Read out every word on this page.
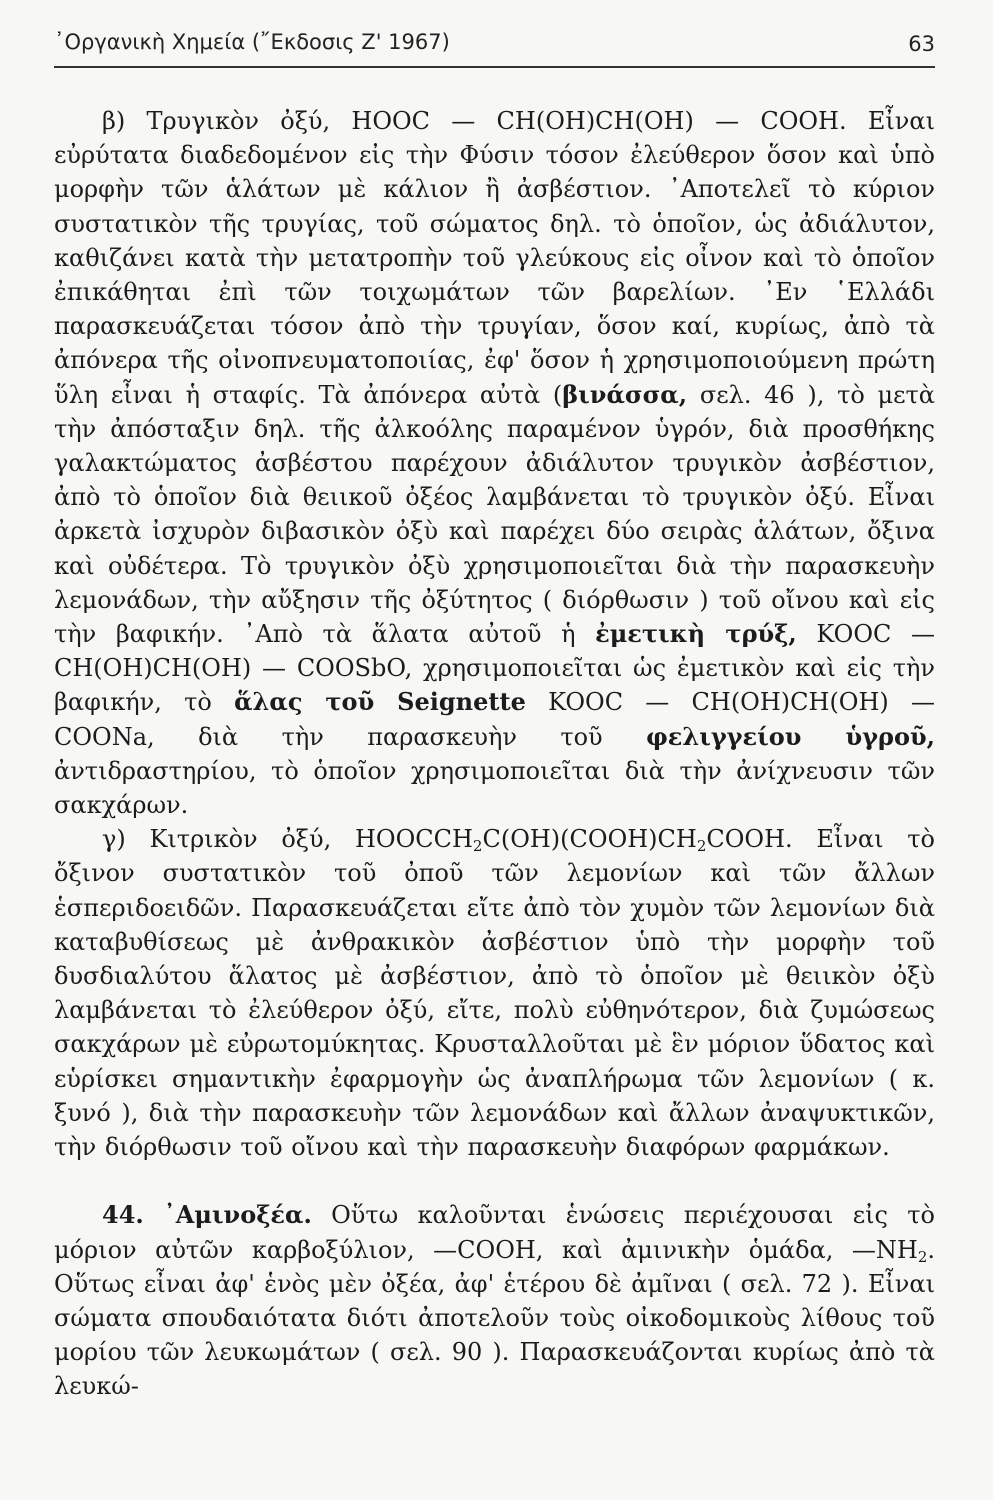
᾿Οργανικὴ Χημεία (῎Εκδοσις Ζ' 1967)	63

β) Τρυγικὸν ὀξύ, HOOC — CH(OH)CH(OH) — COOH. Εἶναι εὐρύτατα διαδεδομένον εἰς τὴν Φύσιν τόσον ἐλεύθερον ὅσον καὶ ὑπὸ μορφὴν τῶν ἁλάτων μὲ κάλιον ἢ ἀσβέστιον. ᾿Αποτελεῖ τὸ κύριον συστατικὸν τῆς τρυγίας, τοῦ σώματος δηλ. τὸ ὁποῖον, ὡς ἀδιάλυτον, καθιζάνει κατὰ τὴν μετατροπὴν τοῦ γλεύκους εἰς οἶνον καὶ τὸ ὁποῖον ἐπικάθηται ἐπὶ τῶν τοιχωμάτων τῶν βαρελίων. ᾿Εν ῾Ελλάδι παρασκευάζεται τόσον ἀπὸ τὴν τρυγίαν, ὅσον καί, κυρίως, ἀπὸ τὰ ἀπόνερα τῆς οἰνοπνευματοποιίας, ἐφ' ὅσον ἡ χρησιμοποιούμενη πρώτη ὕλη εἶναι ἡ σταφίς. Τὰ ἀπόνερα αὐτὰ (βινάσσα, σελ. 46 ), τὸ μετὰ τὴν ἀπόσταξιν δηλ. τῆς ἀλκοόλης παραμένον ὑγρόν, διὰ προσθήκης γαλακτώματος ἀσβέστου παρέχουν ἀδιάλυτον τρυγικὸν ἀσβέστιον, ἀπὸ τὸ ὁποῖον διὰ θειικοῦ ὀξέος λαμβάνεται τὸ τρυγικὸν ὀξύ. Εἶναι ἀρκετὰ ἰσχυρὸν διβασικὸν ὀξὺ καὶ παρέχει δύο σειρὰς ἁλάτων, ὄξινα καὶ οὐδέτερα. Τὸ τρυγικὸν ὀξὺ χρησιμοποιεῖται διὰ τὴν παρασκευὴν λεμονάδων, τὴν αὔξησιν τῆς ὀξύτητος ( διόρθωσιν ) τοῦ οἴνου καὶ εἰς τὴν βαφικήν. ᾿Απὸ τὰ ἅλατα αὐτοῦ ἡ ἐμετικὴ τρύξ, KOOC — CH(OH)CH(OH) — COOSbO, χρησιμοποιεῖται ὡς ἐμετικὸν καὶ εἰς τὴν βαφικήν, τὸ ἅλας τοῦ Seignette KOOC — CH(OH)CH(OH) — COONa, διὰ τὴν παρασκευὴν τοῦ φελιγγείου ὑγροῦ, ἀντιδραστηρίου, τὸ ὁποῖον χρησιμοποιεῖται διὰ τὴν ἀνίχνευσιν τῶν σακχάρων.

γ) Κιτρικὸν ὀξύ, $HOOCCH_2C(OH)(COOH)CH_2COOH$. Εἶναι τὸ ὄξινον συστατικὸν τοῦ ὀποῦ τῶν λεμονίων καὶ τῶν ἄλλων ἑσπεριδοειδῶν. Παρασκευάζεται εἴτε ἀπὸ τὸν χυμὸν τῶν λεμονίων διὰ καταβυθίσεως μὲ ἀνθρακικὸν ἀσβέστιον ὑπὸ τὴν μορφὴν τοῦ δυσδιαλύτου ἅλατος μὲ ἀσβέστιον, ἀπὸ τὸ ὁποῖον μὲ θειικὸν ὀξὺ λαμβάνεται τὸ ἐλεύθερον ὀξύ, εἴτε, πολὺ εὐθηνότερον, διὰ ζυμώσεως σακχάρων μὲ εὐρωτομύκητας. Κρυσταλλοῦται μὲ ἓν μόριον ὕδατος καὶ εὑρίσκει σημαντικὴν ἐφαρμογὴν ὡς ἀναπλήρωμα τῶν λεμονίων ( κ. ξυνό ), διὰ τὴν παρασκευὴν τῶν λεμονάδων καὶ ἄλλων ἀναψυκτικῶν, τὴν διόρθωσιν τοῦ οἴνου καὶ τὴν παρασκευὴν διαφόρων φαρμάκων.

44. ᾿Αμινοξέα. Οὕτω καλοῦνται ἑνώσεις περιέχουσαι εἰς τὸ μόριον αὐτῶν καρβοξύλιον, —COOH, καὶ ἀμινικὴν ὁμάδα, $—NH_2$. Οὕτως εἶναι ἀφ' ἑνὸς μὲν ὀξέα, ἀφ' ἑτέρου δὲ ἀμῖναι ( σελ. 72 ). Εἶναι σώματα σπουδαιότατα διότι ἀποτελοῦν τοὺς οἰκοδομικοὺς λίθους τοῦ μορίου τῶν λευκωμάτων ( σελ. 90 ). Παρασκευάζονται κυρίως ἀπὸ τὰ λευκώ-
